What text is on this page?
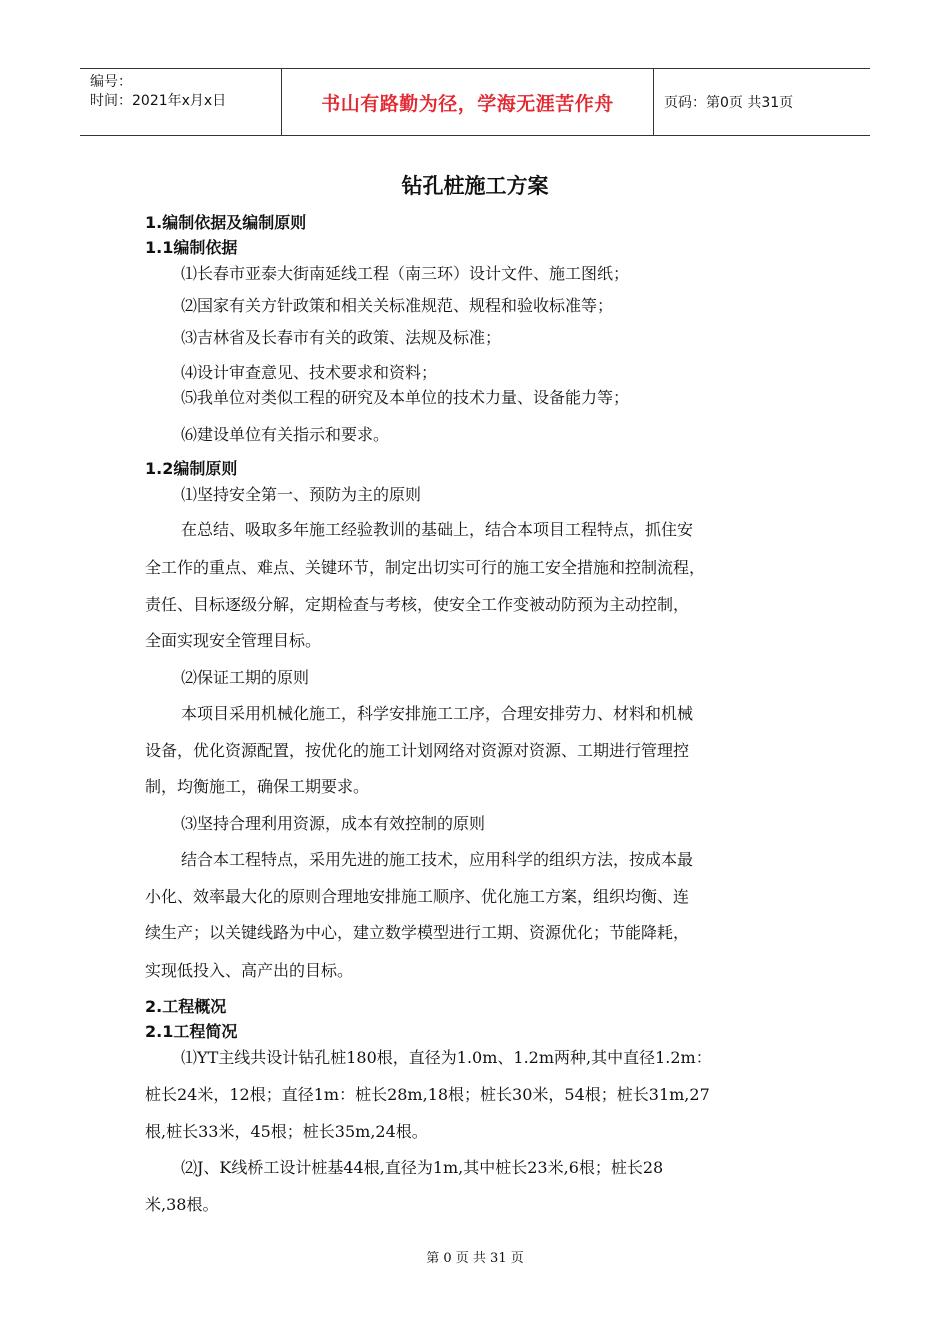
编号：
时间：2021年x月x日	书山有路勤为径，学海无涯苦作舟	页码：第0页 共31页
钻孔桩施工方案
1.编制依据及编制原则
1.1编制依据
⑴长春市亚泰大街南延线工程（南三环）设计文件、施工图纸；
⑵国家有关方针政策和相关关标准规范、规程和验收标准等；
⑶吉林省及长春市有关的政策、法规及标准；
⑷设计审查意见、技术要求和资料；
⑸我单位对类似工程的研究及本单位的技术力量、设备能力等；
⑹建设单位有关指示和要求。
1.2编制原则
⑴坚持安全第一、预防为主的原则
在总结、吸取多年施工经验教训的基础上，结合本项目工程特点，抓住安
全工作的重点、难点、关键环节，制定出切实可行的施工安全措施和控制流程，
责任、目标逐级分解，定期检查与考核，使安全工作变被动防预为主动控制，
全面实现安全管理目标。
⑵保证工期的原则
本项目采用机械化施工，科学安排施工工序，合理安排劳力、材料和机械
设备，优化资源配置，按优化的施工计划网络对资源对资源、工期进行管理控
制，均衡施工，确保工期要求。
⑶坚持合理利用资源，成本有效控制的原则
结合本工程特点，采用先进的施工技术，应用科学的组织方法，按成本最
小化、效率最大化的原则合理地安排施工顺序、优化施工方案，组织均衡、连
续生产；以关键线路为中心，建立数学模型进行工期、资源优化；节能降耗，
实现低投入、高产出的目标。
2.工程概况
2.1工程简况
⑴YT主线共设计钻孔桩180根，直径为1.0m、1.2m两种,其中直径1.2m：
桩长24米，12根；直径1m：桩长28m,18根；桩长30米，54根；桩长31m,27
根,桩长33米，45根；桩长35m,24根。
⑵J、K线桥工设计桩基44根,直径为1m,其中桩长23米,6根；桩长28
米,38根。
第 0 页 共 31 页
